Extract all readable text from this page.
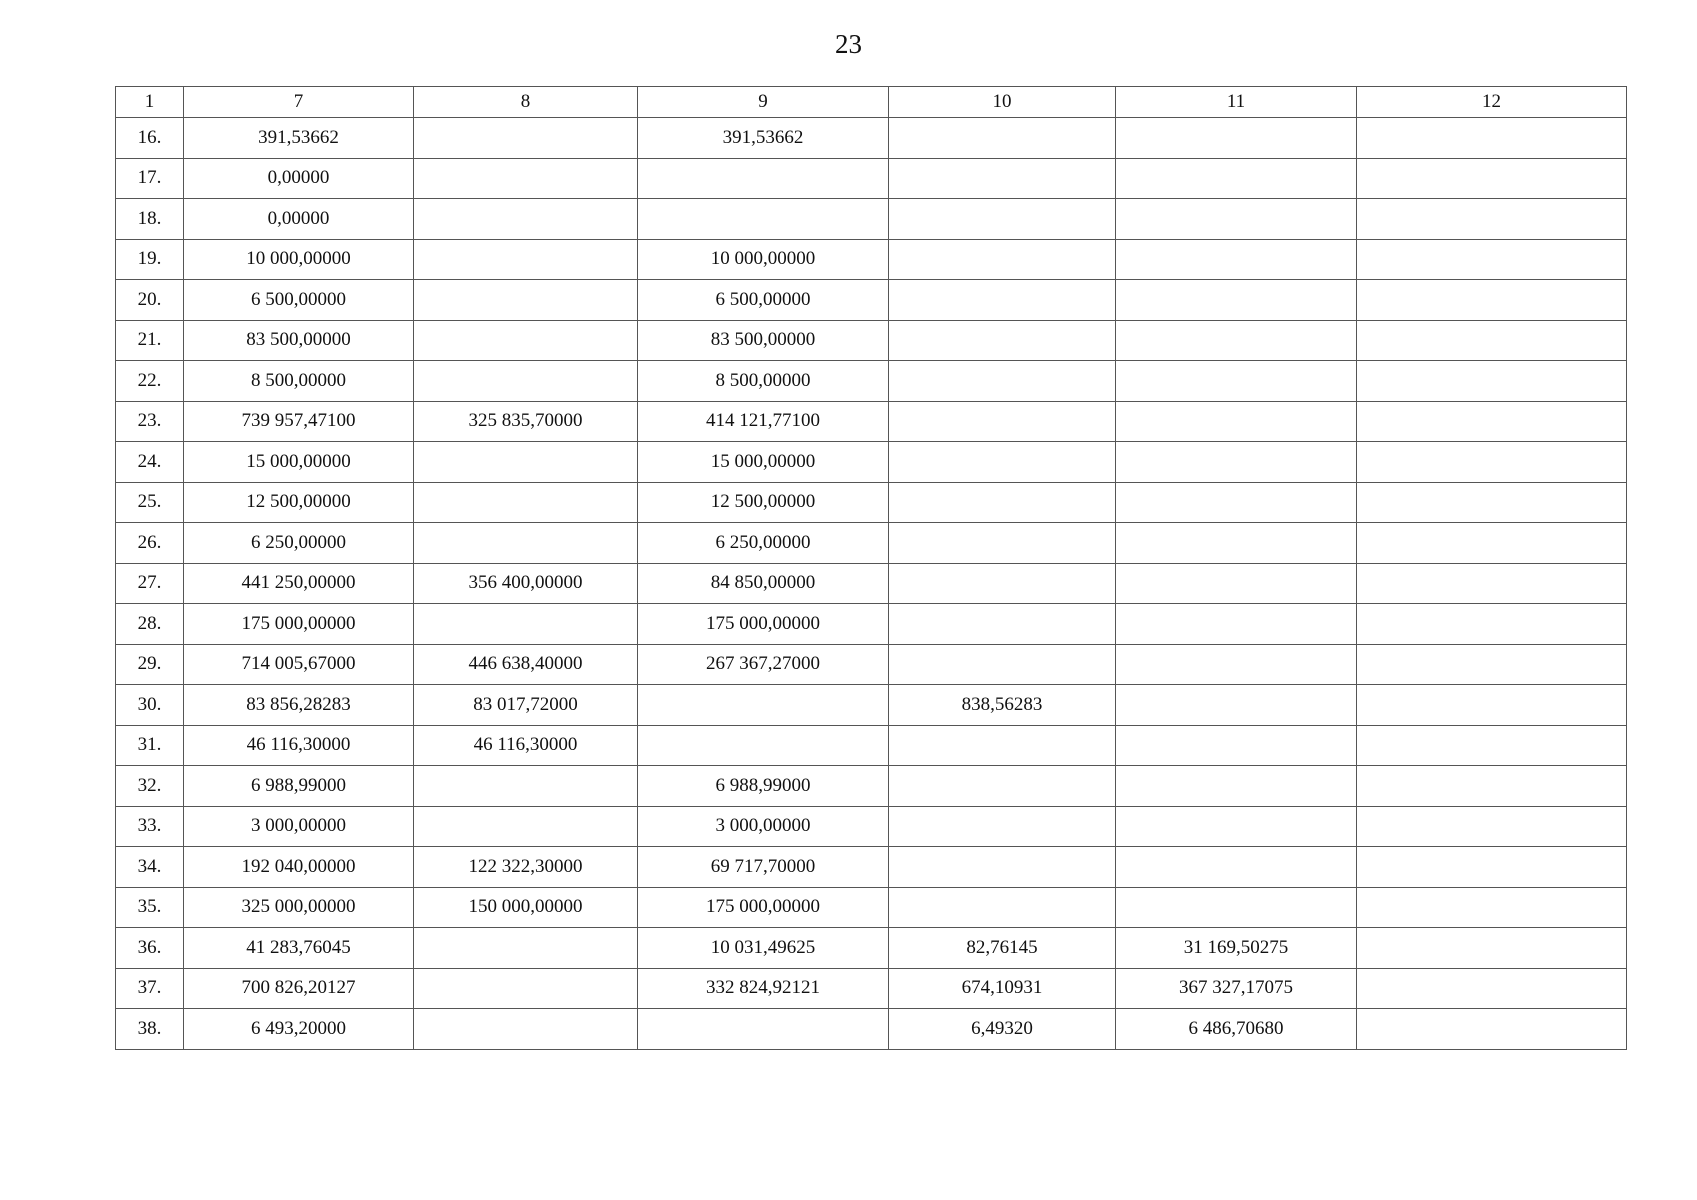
23
1	7	8	9	10	11	12
16.	391,53662		391,53662			
17.	0,00000					
18.	0,00000					
19.	10 000,00000		10 000,00000			
20.	6 500,00000		6 500,00000			
21.	83 500,00000		83 500,00000			
22.	8 500,00000		8 500,00000			
23.	739 957,47100	325 835,70000	414 121,77100			
24.	15 000,00000		15 000,00000			
25.	12 500,00000		12 500,00000			
26.	6 250,00000		6 250,00000			
27.	441 250,00000	356 400,00000	84 850,00000			
28.	175 000,00000		175 000,00000			
29.	714 005,67000	446 638,40000	267 367,27000			
30.	83 856,28283	83 017,72000		838,56283		
31.	46 116,30000	46 116,30000				
32.	6 988,99000		6 988,99000			
33.	3 000,00000		3 000,00000			
34.	192 040,00000	122 322,30000	69 717,70000			
35.	325 000,00000	150 000,00000	175 000,00000			
36.	41 283,76045		10 031,49625	82,76145	31 169,50275	
37.	700 826,20127		332 824,92121	674,10931	367 327,17075	
38.	6 493,20000			6,49320	6 486,70680	
